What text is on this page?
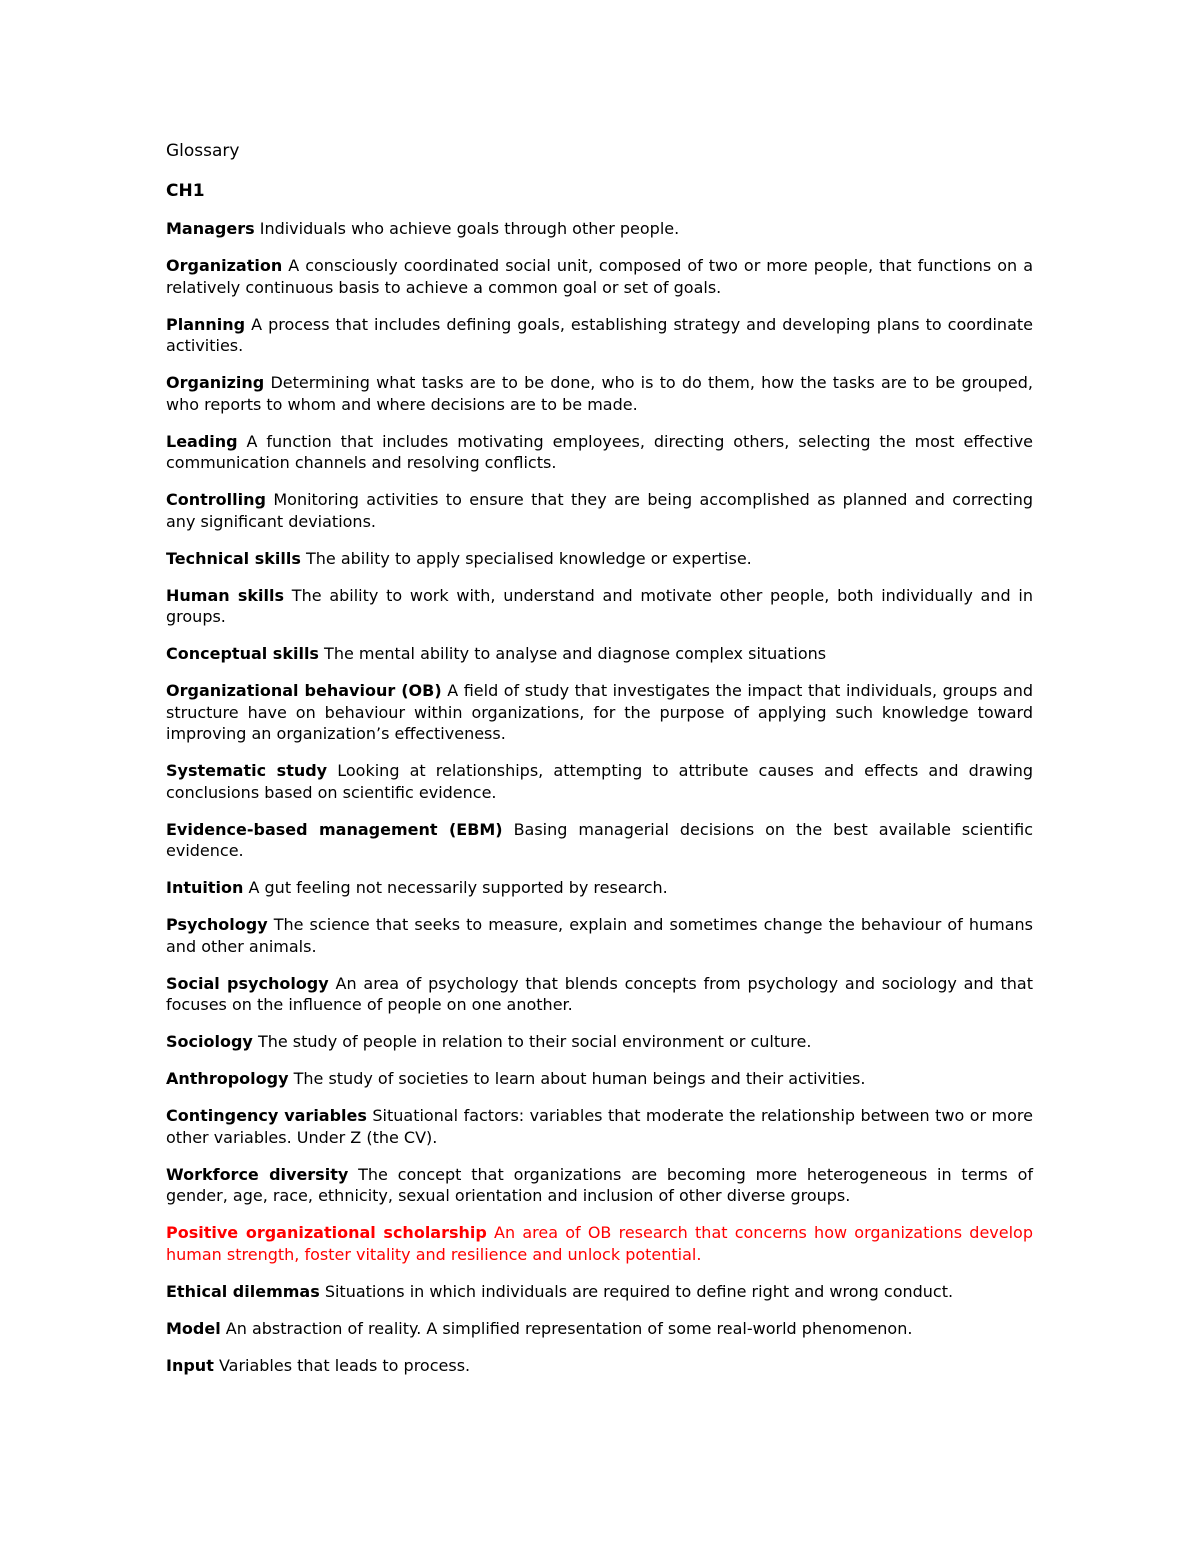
Glossary
CH1
Managers Individuals who achieve goals through other people.
Organization A consciously coordinated social unit, composed of two or more people, that functions on a relatively continuous basis to achieve a common goal or set of goals.
Planning A process that includes defining goals, establishing strategy and developing plans to coordinate activities.
Organizing Determining what tasks are to be done, who is to do them, how the tasks are to be grouped, who reports to whom and where decisions are to be made.
Leading A function that includes motivating employees, directing others, selecting the most effective communication channels and resolving conflicts.
Controlling Monitoring activities to ensure that they are being accomplished as planned and correcting any significant deviations.
Technical skills The ability to apply specialised knowledge or expertise.
Human skills The ability to work with, understand and motivate other people, both individually and in groups.
Conceptual skills The mental ability to analyse and diagnose complex situations
Organizational behaviour (OB) A field of study that investigates the impact that individuals, groups and structure have on behaviour within organizations, for the purpose of applying such knowledge toward improving an organization’s effectiveness.
Systematic study Looking at relationships, attempting to attribute causes and effects and drawing conclusions based on scientific evidence.
Evidence-based management (EBM) Basing managerial decisions on the best available scientific evidence.
Intuition A gut feeling not necessarily supported by research.
Psychology The science that seeks to measure, explain and sometimes change the behaviour of humans and other animals.
Social psychology An area of psychology that blends concepts from psychology and sociology and that focuses on the influence of people on one another.
Sociology The study of people in relation to their social environment or culture.
Anthropology The study of societies to learn about human beings and their activities.
Contingency variables Situational factors: variables that moderate the relationship between two or more other variables. Under Z (the CV).
Workforce diversity The concept that organizations are becoming more heterogeneous in terms of gender, age, race, ethnicity, sexual orientation and inclusion of other diverse groups.
Positive organizational scholarship An area of OB research that concerns how organizations develop human strength, foster vitality and resilience and unlock potential.
Ethical dilemmas Situations in which individuals are required to define right and wrong conduct.
Model An abstraction of reality. A simplified representation of some real-world phenomenon.
Input Variables that leads to process.
